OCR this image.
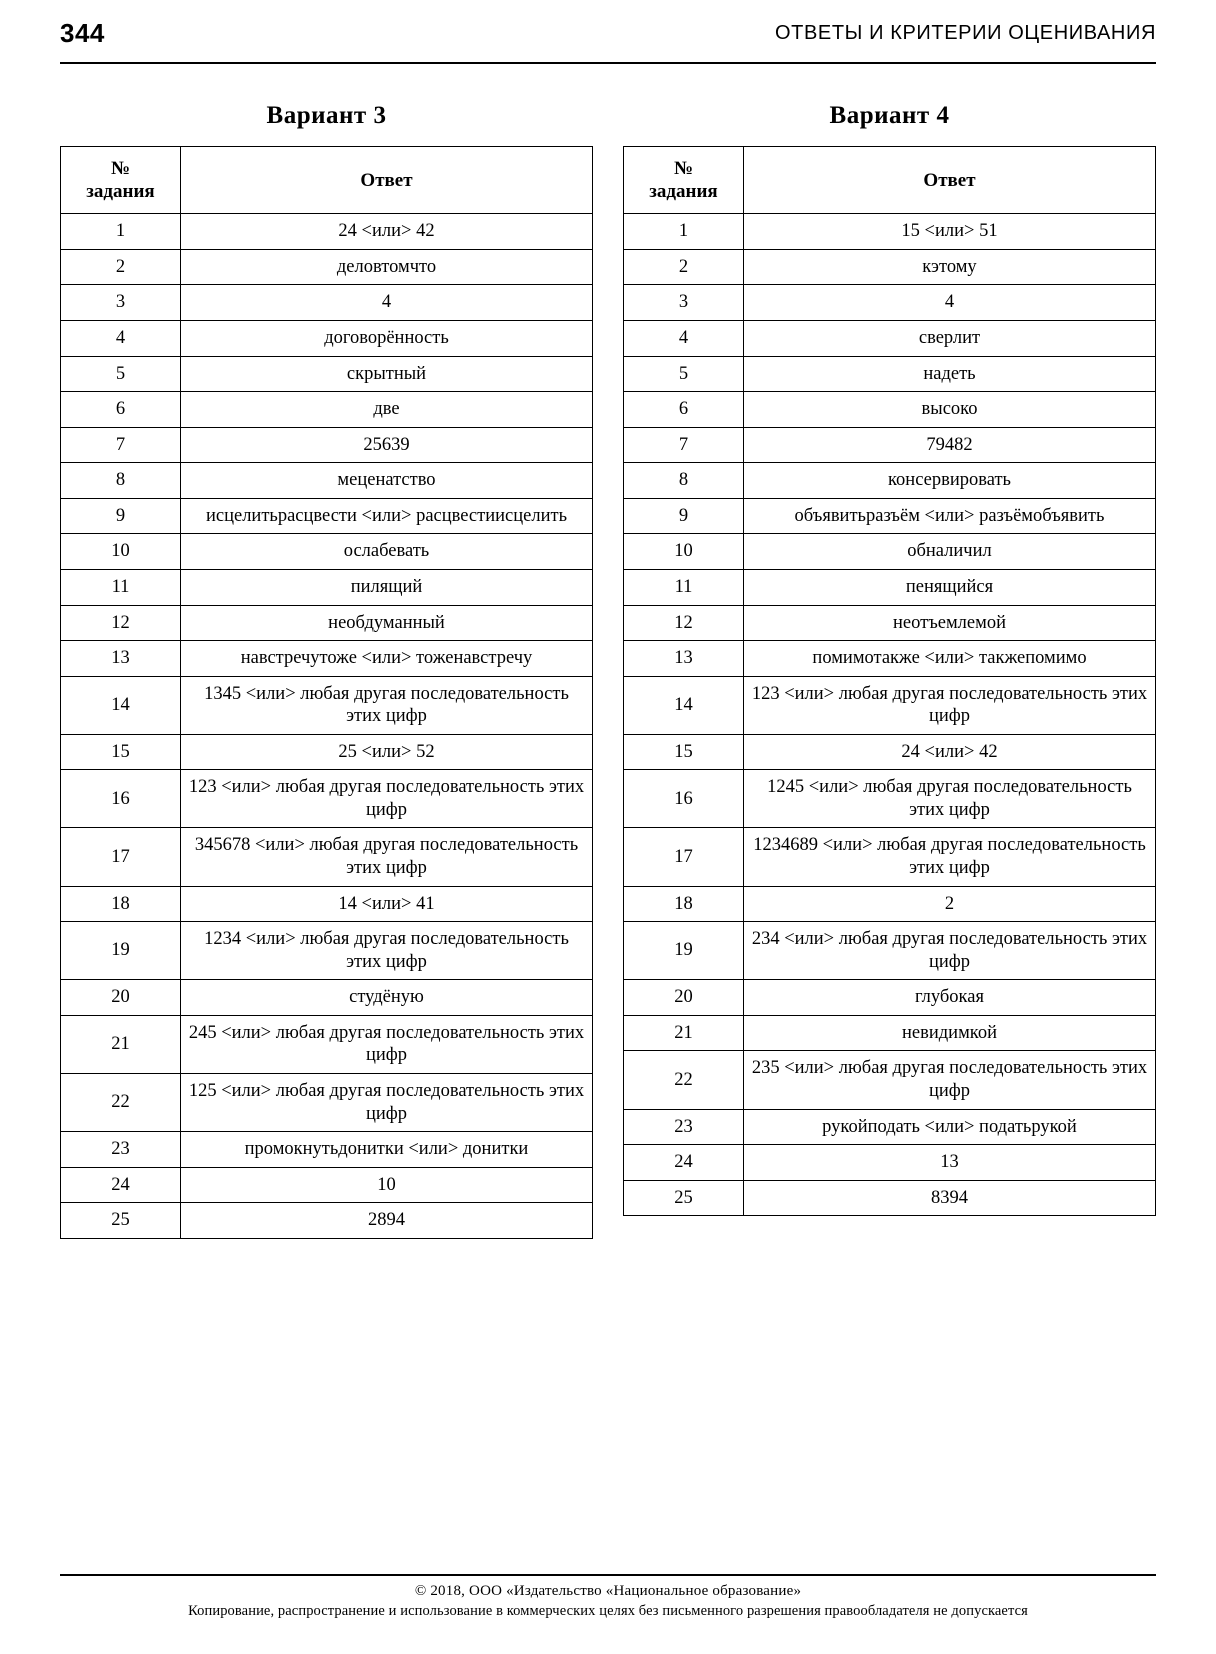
344	ОТВЕТЫ И КРИТЕРИИ ОЦЕНИВАНИЯ
Вариант 3
№
задания	Ответ
1	24 <или> 42
2	деловтомчто
3	4
4	договорённость
5	скрытный
6	две
7	25639
8	меценатство
9	исцелитьрасцвести <или> расцвестиисцелить
10	ослабевать
11	пилящий
12	необдуманный
13	навстречутоже <или> тоженавстречу
14	1345 <или> любая другая последовательность этих цифр
15	25 <или> 52
16	123 <или> любая другая последовательность этих цифр
17	345678 <или> любая другая последовательность этих цифр
18	14 <или> 41
19	1234 <или> любая другая последовательность этих цифр
20	студёную
21	245 <или> любая другая последовательность этих цифр
22	125 <или> любая другая последовательность этих цифр
23	промокнутьдонитки <или> донитки
24	10
25	2894
Вариант 4
№
задания	Ответ
1	15 <или> 51
2	кэтому
3	4
4	сверлит
5	надеть
6	высоко
7	79482
8	консервировать
9	объявитьразъём <или> разъёмобъявить
10	обналичил
11	пенящийся
12	неотъемлемой
13	помимотакже <или> такжепомимо
14	123 <или> любая другая последовательность этих цифр
15	24 <или> 42
16	1245 <или> любая другая последовательность этих цифр
17	1234689 <или> любая другая последовательность этих цифр
18	2
19	234 <или> любая другая последовательность этих цифр
20	глубокая
21	невидимкой
22	235 <или> любая другая последовательность этих цифр
23	рукойподать <или> податьрукой
24	13
25	8394
© 2018, ООО «Издательство «Национальное образование»
Копирование, распространение и использование в коммерческих целях без письменного разрешения правообладателя не допускается
